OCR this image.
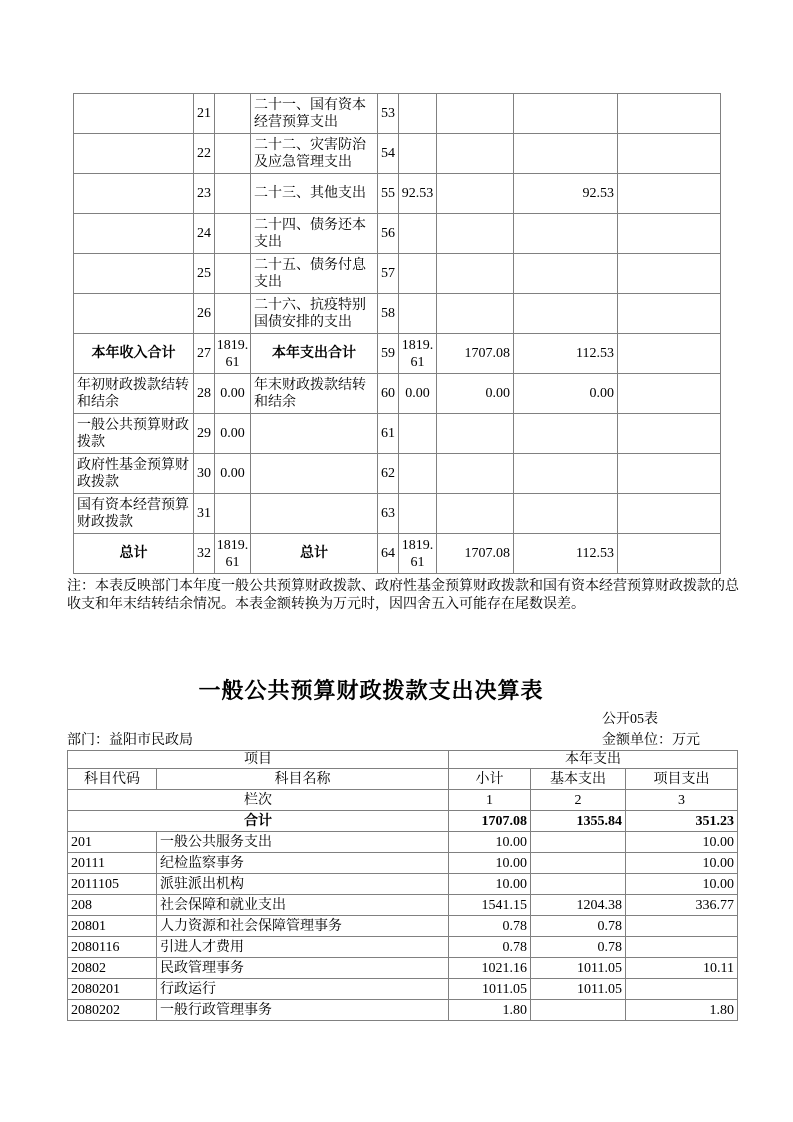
	21		二十一、国有资本经营预算支出	53				
	22		二十二、灾害防治及应急管理支出	54				
	23		二十三、其他支出	55	92.53		92.53	
	24		二十四、债务还本支出	56				
	25		二十五、债务付息支出	57				
	26		二十六、抗疫特别国债安排的支出	58				
本年收入合计	27	1819.61	本年支出合计	59	1819.61	1707.08	112.53	
年初财政拨款结转和结余	28	0.00	年末财政拨款结转和结余	60	0.00	0.00	0.00	
一般公共预算财政拨款	29	0.00		61				
政府性基金预算财政拨款	30	0.00		62				
国有资本经营预算财政拨款	31			63				
总计	32	1819.61	总计	64	1819.61	1707.08	112.53	
注：本表反映部门本年度一般公共预算财政拨款、政府性基金预算财政拨款和国有资本经营预算财政拨款的总收支和年末结转结余情况。本表金额转换为万元时，因四舍五入可能存在尾数误差。
一般公共预算财政拨款支出决算表
公开05表
部门：益阳市民政局	金额单位：万元
项目		本年支出		
科目代码	科目名称	小计	基本支出	项目支出
栏次		1	2	3
合计		1707.08	1355.84	351.23
201	一般公共服务支出	10.00		10.00
20111	纪检监察事务	10.00		10.00
2011105	派驻派出机构	10.00		10.00
208	社会保障和就业支出	1541.15	1204.38	336.77
20801	人力资源和社会保障管理事务	0.78	0.78	
2080116	引进人才费用	0.78	0.78	
20802	民政管理事务	1021.16	1011.05	10.11
2080201	行政运行	1011.05	1011.05	
2080202	一般行政管理事务	1.80		1.80
